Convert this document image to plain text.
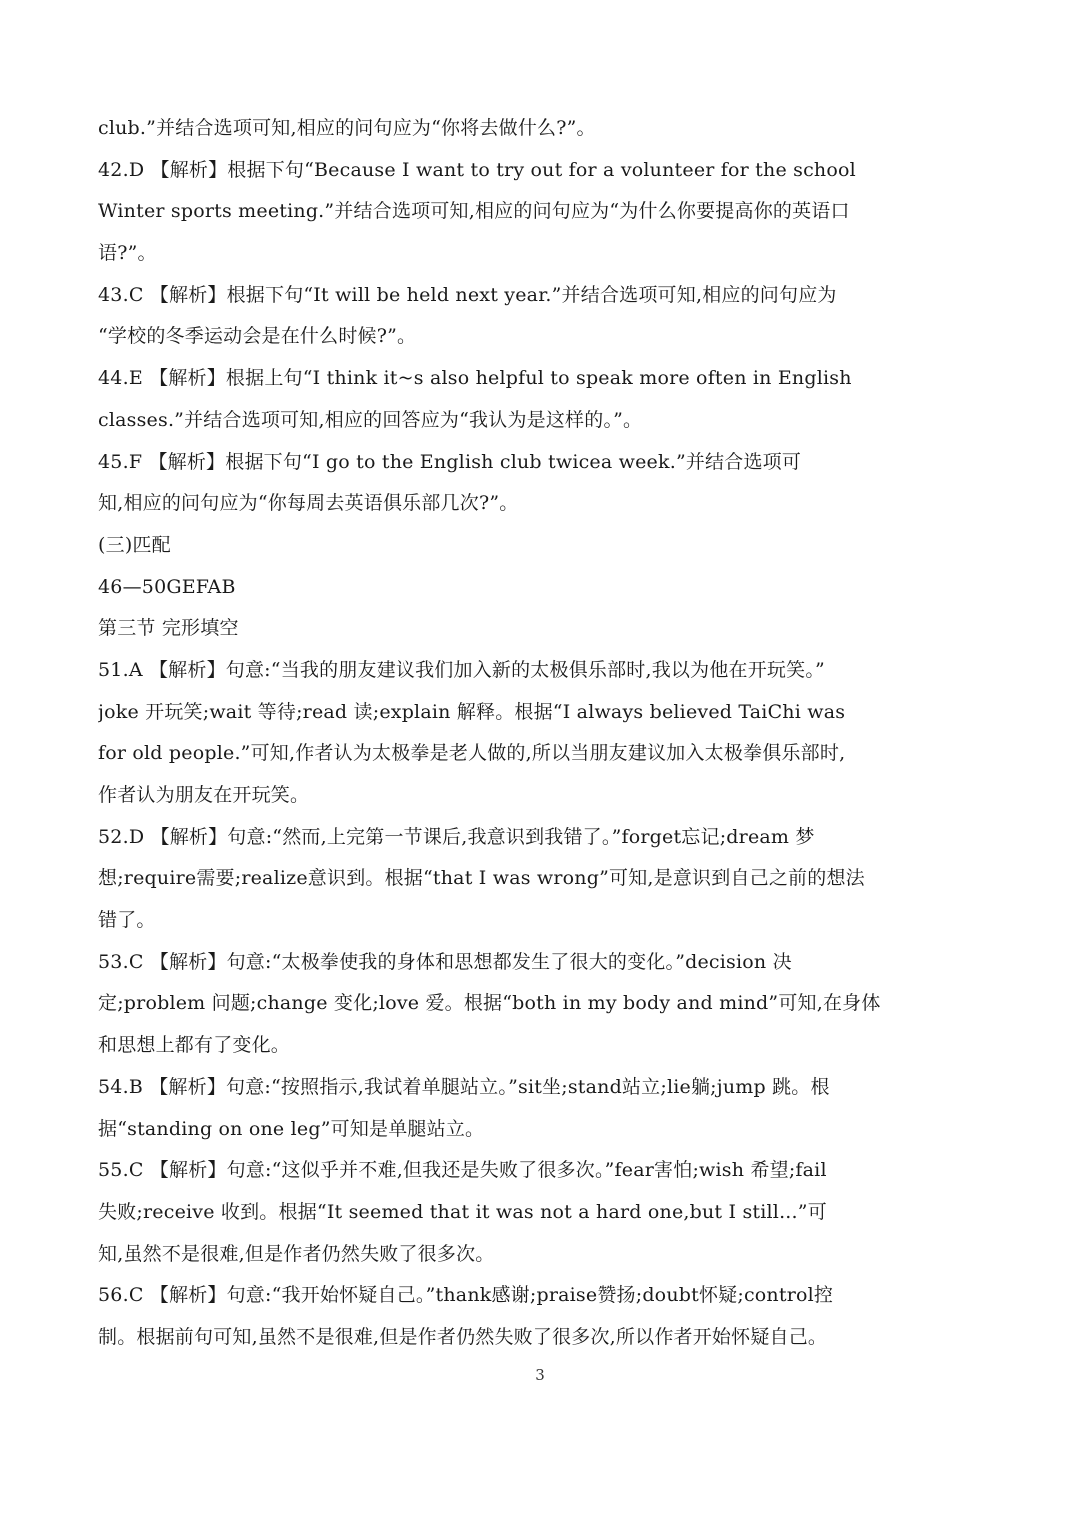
club.”并结合选项可知,相应的问句应为“你将去做什么?”。
42.D 【解析】根据下句“Because I want to try out for a volunteer for the school
Winter sports meeting.”并结合选项可知,相应的问句应为“为什么你要提高你的英语口
语?”。
43.C 【解析】根据下句“It will be held next year.”并结合选项可知,相应的问句应为
“学校的冬季运动会是在什么时候?”。
44.E 【解析】根据上句“I think it~s also helpful to speak more often in English
classes.”并结合选项可知,相应的回答应为“我认为是这样的。”。
45.F 【解析】根据下句“I go to the English club twicea week.”并结合选项可
知,相应的问句应为“你每周去英语俱乐部几次?”。
(三)匹配
46—50GEFAB
第三节 完形填空
51.A 【解析】句意:“当我的朋友建议我们加入新的太极俱乐部时,我以为他在开玩笑。”
joke 开玩笑;wait 等待;read 读;explain 解释。根据“I always believed TaiChi was
for old people.”可知,作者认为太极拳是老人做的,所以当朋友建议加入太极拳俱乐部时,
作者认为朋友在开玩笑。
52.D 【解析】句意:“然而,上完第一节课后,我意识到我错了。”forget忘记;dream 梦
想;require需要;realize意识到。根据“that I was wrong”可知,是意识到自己之前的想法
错了。
53.C 【解析】句意:“太极拳使我的身体和思想都发生了很大的变化。”decision 决
定;problem 问题;change 变化;love 爱。根据“both in my body and mind”可知,在身体
和思想上都有了变化。
54.B 【解析】句意:“按照指示,我试着单腿站立。”sit坐;stand站立;lie躺;jump 跳。根
据“standing on one leg”可知是单腿站立。
55.C 【解析】句意:“这似乎并不难,但我还是失败了很多次。”fear害怕;wish 希望;fail
失败;receive 收到。根据“It seemed that it was not a hard one,but I still...”可
知,虽然不是很难,但是作者仍然失败了很多次。
56.C 【解析】句意:“我开始怀疑自己。”thank感谢;praise赞扬;doubt怀疑;control控
制。根据前句可知,虽然不是很难,但是作者仍然失败了很多次,所以作者开始怀疑自己。
3
